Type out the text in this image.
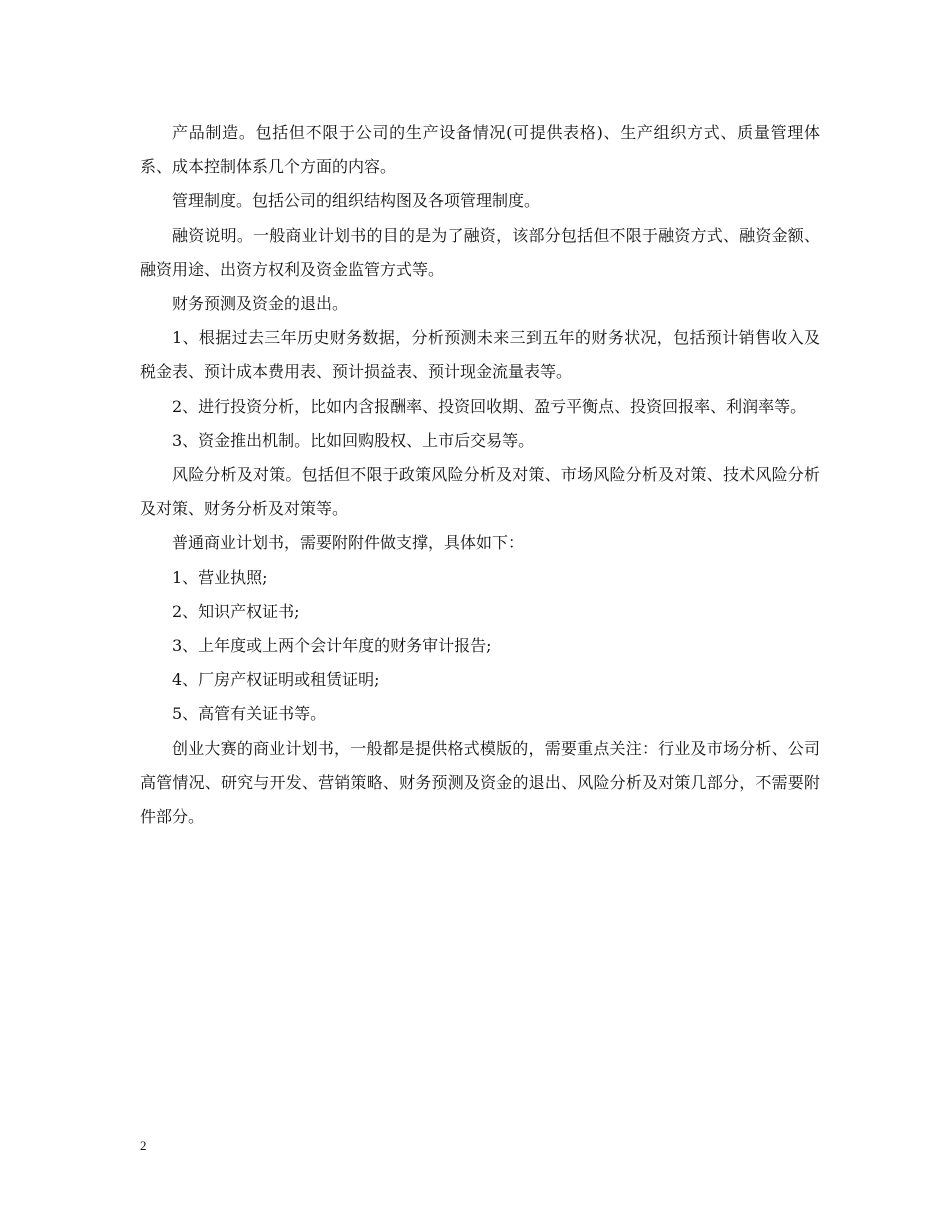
产品制造。包括但不限于公司的生产设备情况(可提供表格)、生产组织方式、质量管理体系、成本控制体系几个方面的内容。

管理制度。包括公司的组织结构图及各项管理制度。

融资说明。一般商业计划书的目的是为了融资，该部分包括但不限于融资方式、融资金额、融资用途、出资方权利及资金监管方式等。

财务预测及资金的退出。

1、根据过去三年历史财务数据，分析预测未来三到五年的财务状况，包括预计销售收入及税金表、预计成本费用表、预计损益表、预计现金流量表等。

2、进行投资分析，比如内含报酬率、投资回收期、盈亏平衡点、投资回报率、利润率等。

3、资金推出机制。比如回购股权、上市后交易等。

风险分析及对策。包括但不限于政策风险分析及对策、市场风险分析及对策、技术风险分析及对策、财务分析及对策等。

普通商业计划书，需要附附件做支撑，具体如下：

1、营业执照;

2、知识产权证书;

3、上年度或上两个会计年度的财务审计报告;

4、厂房产权证明或租赁证明;

5、高管有关证书等。

创业大赛的商业计划书，一般都是提供格式模版的，需要重点关注：行业及市场分析、公司高管情况、研究与开发、营销策略、财务预测及资金的退出、风险分析及对策几部分，不需要附件部分。

2
